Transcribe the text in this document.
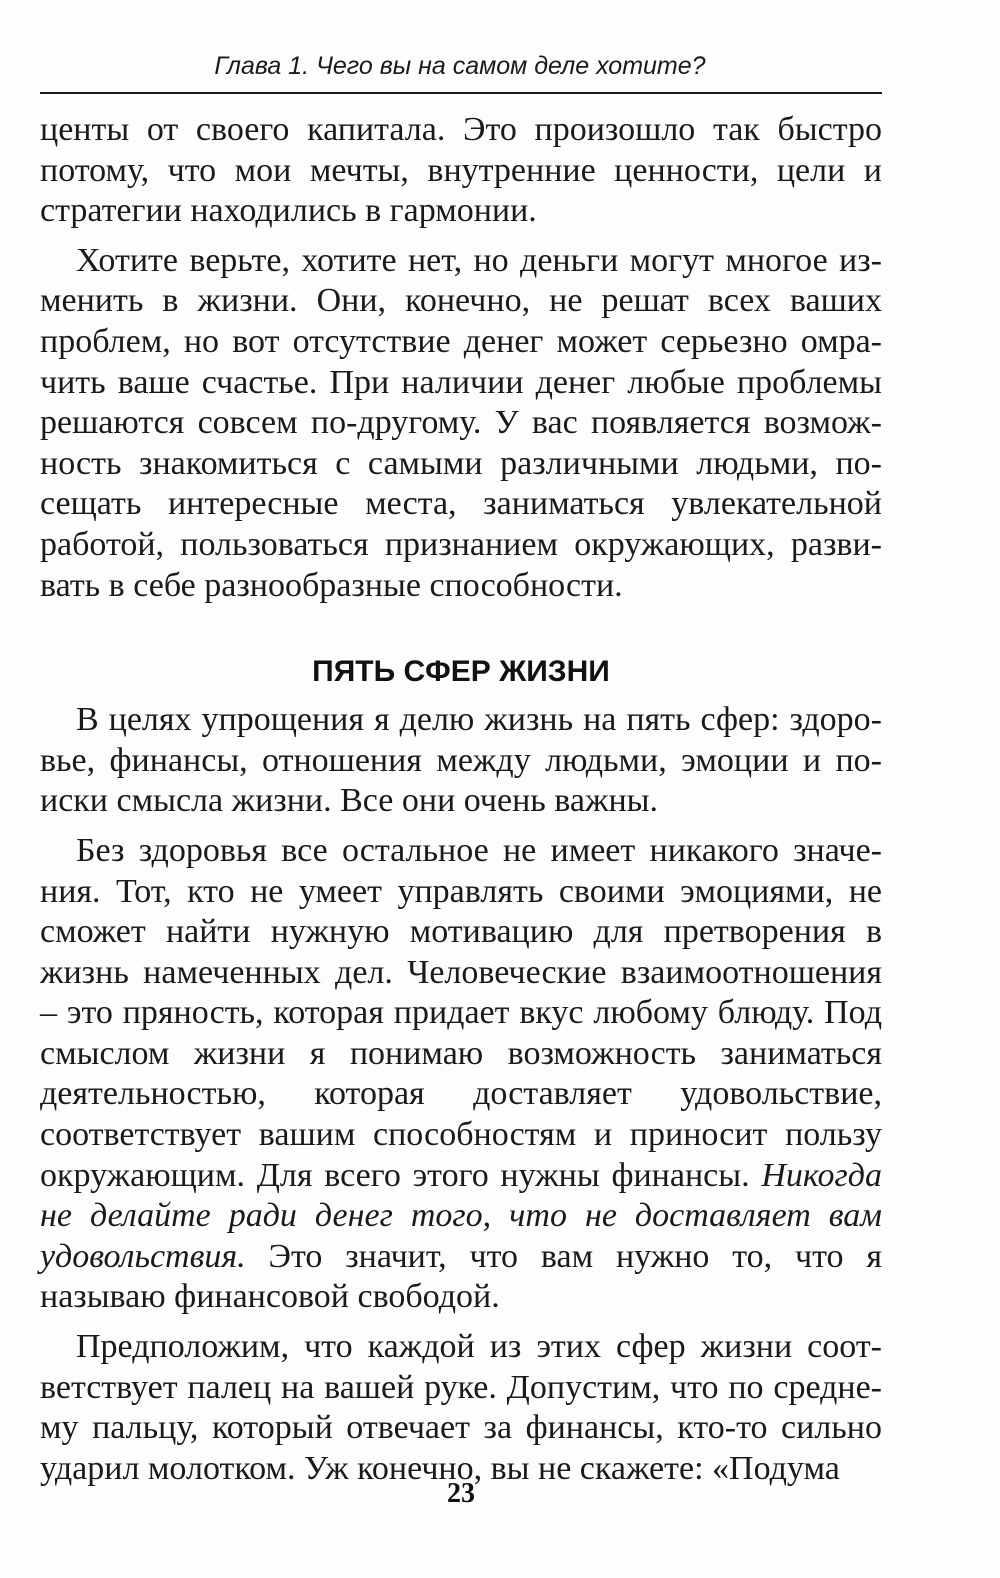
Глава 1. Чего вы на самом деле хотите?

центы от своего капитала. Это произошло так быстро потому, что мои мечты, внутренние ценности, цели и стратегии находились в гармонии.

Хотите верьте, хотите нет, но деньги могут многое изменить в жизни. Они, конечно, не решат всех ваших проблем, но вот отсутствие денег может серьезно омрачить ваше счастье. При наличии денег любые проблемы решаются совсем по-другому. У вас появляется возможность знакомиться с самыми различными людьми, посещать интересные места, заниматься увлекательной работой, пользоваться признанием окружающих, развивать в себе разнообразные способности.

ПЯТЬ СФЕР ЖИЗНИ

В целях упрощения я делю жизнь на пять сфер: здоровье, финансы, отношения между людьми, эмоции и поиски смысла жизни. Все они очень важны.

Без здоровья все остальное не имеет никакого значения. Тот, кто не умеет управлять своими эмоциями, не сможет найти нужную мотивацию для претворения в жизнь намеченных дел. Человеческие взаимоотношения – это пряность, которая придает вкус любому блюду. Под смыслом жизни я понимаю возможность заниматься деятельностью, которая доставляет удовольствие, соответствует вашим способностям и приносит пользу окружающим. Для всего этого нужны финансы. Никогда не делайте ради денег того, что не доставляет вам удовольствия. Это значит, что вам нужно то, что я называю финансовой свободой.

Предположим, что каждой из этих сфер жизни соответствует палец на вашей руке. Допустим, что по среднему пальцу, который отвечает за финансы, кто-то сильно ударил молотком. Уж конечно, вы не скажете: «Подума

23
